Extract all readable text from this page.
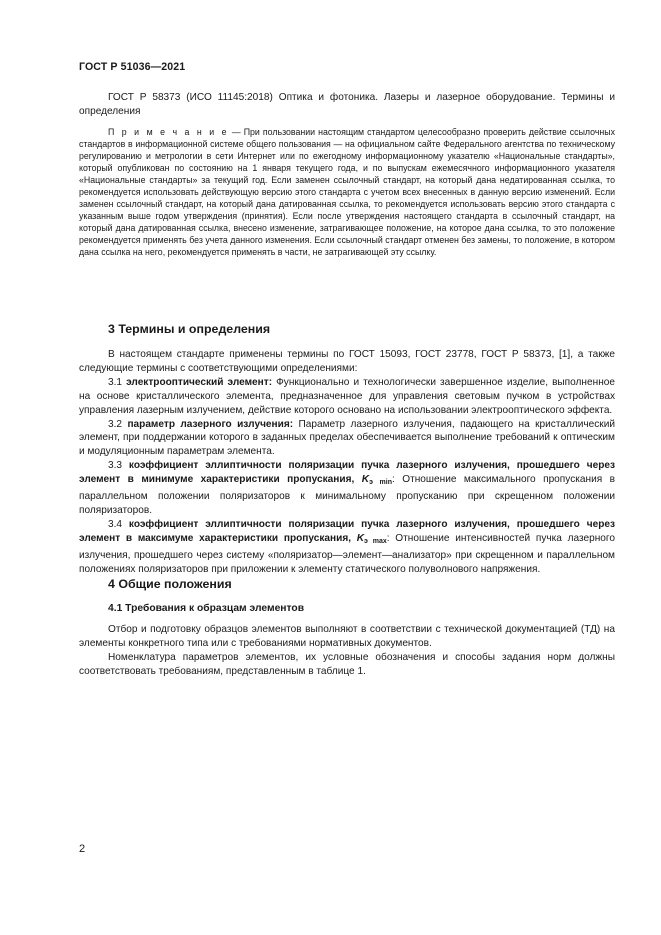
ГОСТ Р 51036—2021

ГОСТ Р 58373 (ИСО 11145:2018) Оптика и фотоника. Лазеры и лазерное оборудование. Термины и определения

П р и м е ч а н и е — При пользовании настоящим стандартом целесообразно проверить действие ссылочных стандартов в информационной системе общего пользования — на официальном сайте Федерального агентства по техническому регулированию и метрологии в сети Интернет или по ежегодному информационному указателю «Национальные стандарты», который опубликован по состоянию на 1 января текущего года, и по выпускам ежемесячного информационного указателя «Национальные стандарты» за текущий год. Если заменен ссылочный стандарт, на который дана недатированная ссылка, то рекомендуется использовать действующую версию этого стандарта с учетом всех внесенных в данную версию изменений. Если заменен ссылочный стандарт, на который дана датированная ссылка, то рекомендуется использовать версию этого стандарта с указанным выше годом утверждения (принятия). Если после утверждения настоящего стандарта в ссылочный стандарт, на который дана датированная ссылка, внесено изменение, затрагивающее положение, на которое дана ссылка, то это положение рекомендуется применять без учета данного изменения. Если ссылочный стандарт отменен без замены, то положение, в котором дана ссылка на него, рекомендуется применять в части, не затрагивающей эту ссылку.

3 Термины и определения

В настоящем стандарте применены термины по ГОСТ 15093, ГОСТ 23778, ГОСТ Р 58373, [1], а также следующие термины с соответствующими определениями:

3.1 электрооптический элемент: Функционально и технологически завершенное изделие, выполненное на основе кристаллического элемента, предназначенное для управления световым пучком в устройствах управления лазерным излучением, действие которого основано на использовании электрооптического эффекта.

3.2 параметр лазерного излучения: Параметр лазерного излучения, падающего на кристаллический элемент, при поддержании которого в заданных пределах обеспечивается выполнение требований к оптическим и модуляционным параметрам элемента.

3.3 коэффициент эллиптичности поляризации пучка лазерного излучения, прошедшего через элемент в минимуме характеристики пропускания, $K_{э min}$: Отношение максимального пропускания в параллельном положении поляризаторов к минимальному пропусканию при скрещенном положении поляризаторов.

3.4 коэффициент эллиптичности поляризации пучка лазерного излучения, прошедшего через элемент в максимуме характеристики пропускания, $K_{э max}$: Отношение интенсивностей пучка лазерного излучения, прошедшего через систему «поляризатор—элемент—анализатор» при скрещенном и параллельном положениях поляризаторов при приложении к элементу статического полуволнового напряжения.

4 Общие положения
4.1 Требования к образцам элементов

Отбор и подготовку образцов элементов выполняют в соответствии с технической документацией (ТД) на элементы конкретного типа или с требованиями нормативных документов.

Номенклатура параметров элементов, их условные обозначения и способы задания норм должны соответствовать требованиям, представленным в таблице 1.

2
